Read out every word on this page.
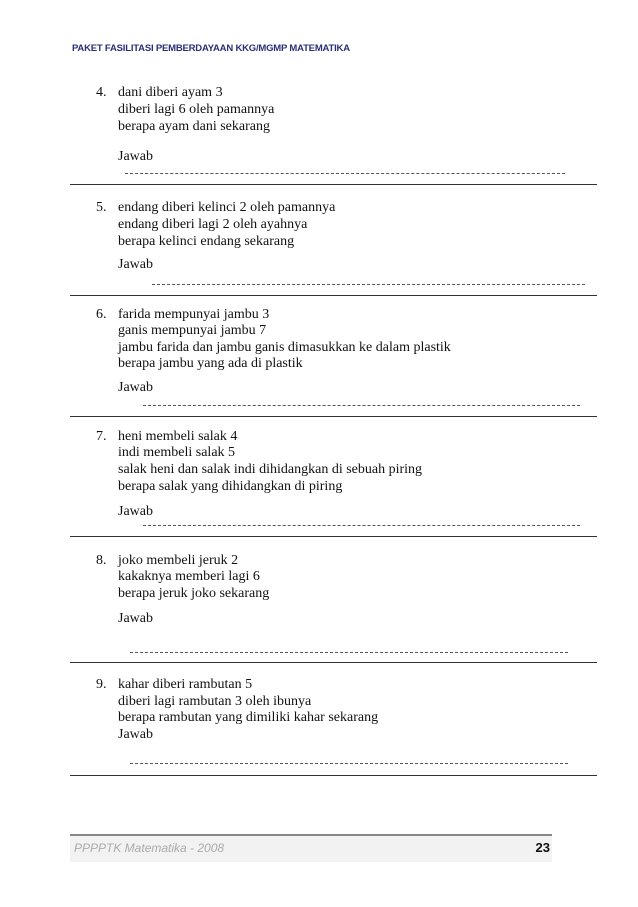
PAKET FASILITASI PEMBERDAYAAN KKG/MGMP MATEMATIKA
4. dani diberi ayam 3
diberi lagi 6 oleh pamannya
berapa ayam dani sekarang
Jawab
5. endang diberi kelinci 2 oleh pamannya
endang diberi lagi 2 oleh ayahnya
berapa kelinci endang sekarang
Jawab
6. farida mempunyai jambu 3
ganis mempunyai jambu 7
jambu farida dan jambu ganis dimasukkan ke dalam plastik
berapa jambu yang ada di plastik
Jawab
7. heni membeli salak 4
indi membeli salak 5
salak heni dan salak indi dihidangkan di sebuah piring
berapa salak yang dihidangkan di piring
Jawab
8. joko membeli jeruk 2
kakaknya memberi lagi 6
berapa jeruk joko sekarang
Jawab
9. kahar diberi rambutan 5
diberi lagi rambutan 3 oleh ibunya
berapa rambutan yang dimiliki kahar sekarang
Jawab
PPPPTK Matematika - 2008	23
